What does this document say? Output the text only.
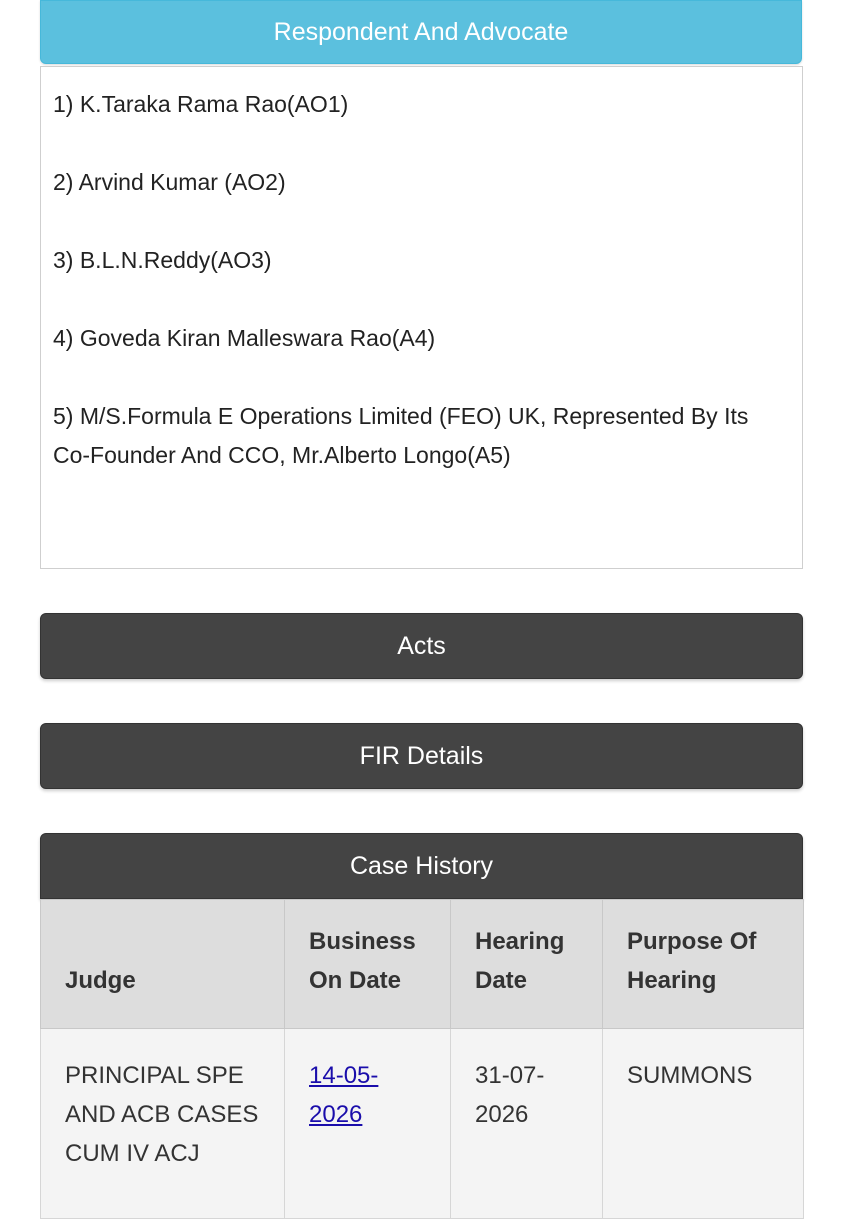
Respondent And Advocate
1) K.Taraka Rama Rao(AO1)
2) Arvind Kumar (AO2)
3) B.L.N.Reddy(AO3)
4) Goveda Kiran Malleswara Rao(A4)
5) M/S.Formula E Operations Limited (FEO) UK, Represented By Its Co-Founder And CCO, Mr.Alberto Longo(A5)
Acts
FIR Details
Case History
Judge	Business On Date	Hearing Date	Purpose Of Hearing
PRINCIPAL SPE AND ACB CASES CUM IV ACJ	14-05-2026	31-07-2026	SUMMONS
